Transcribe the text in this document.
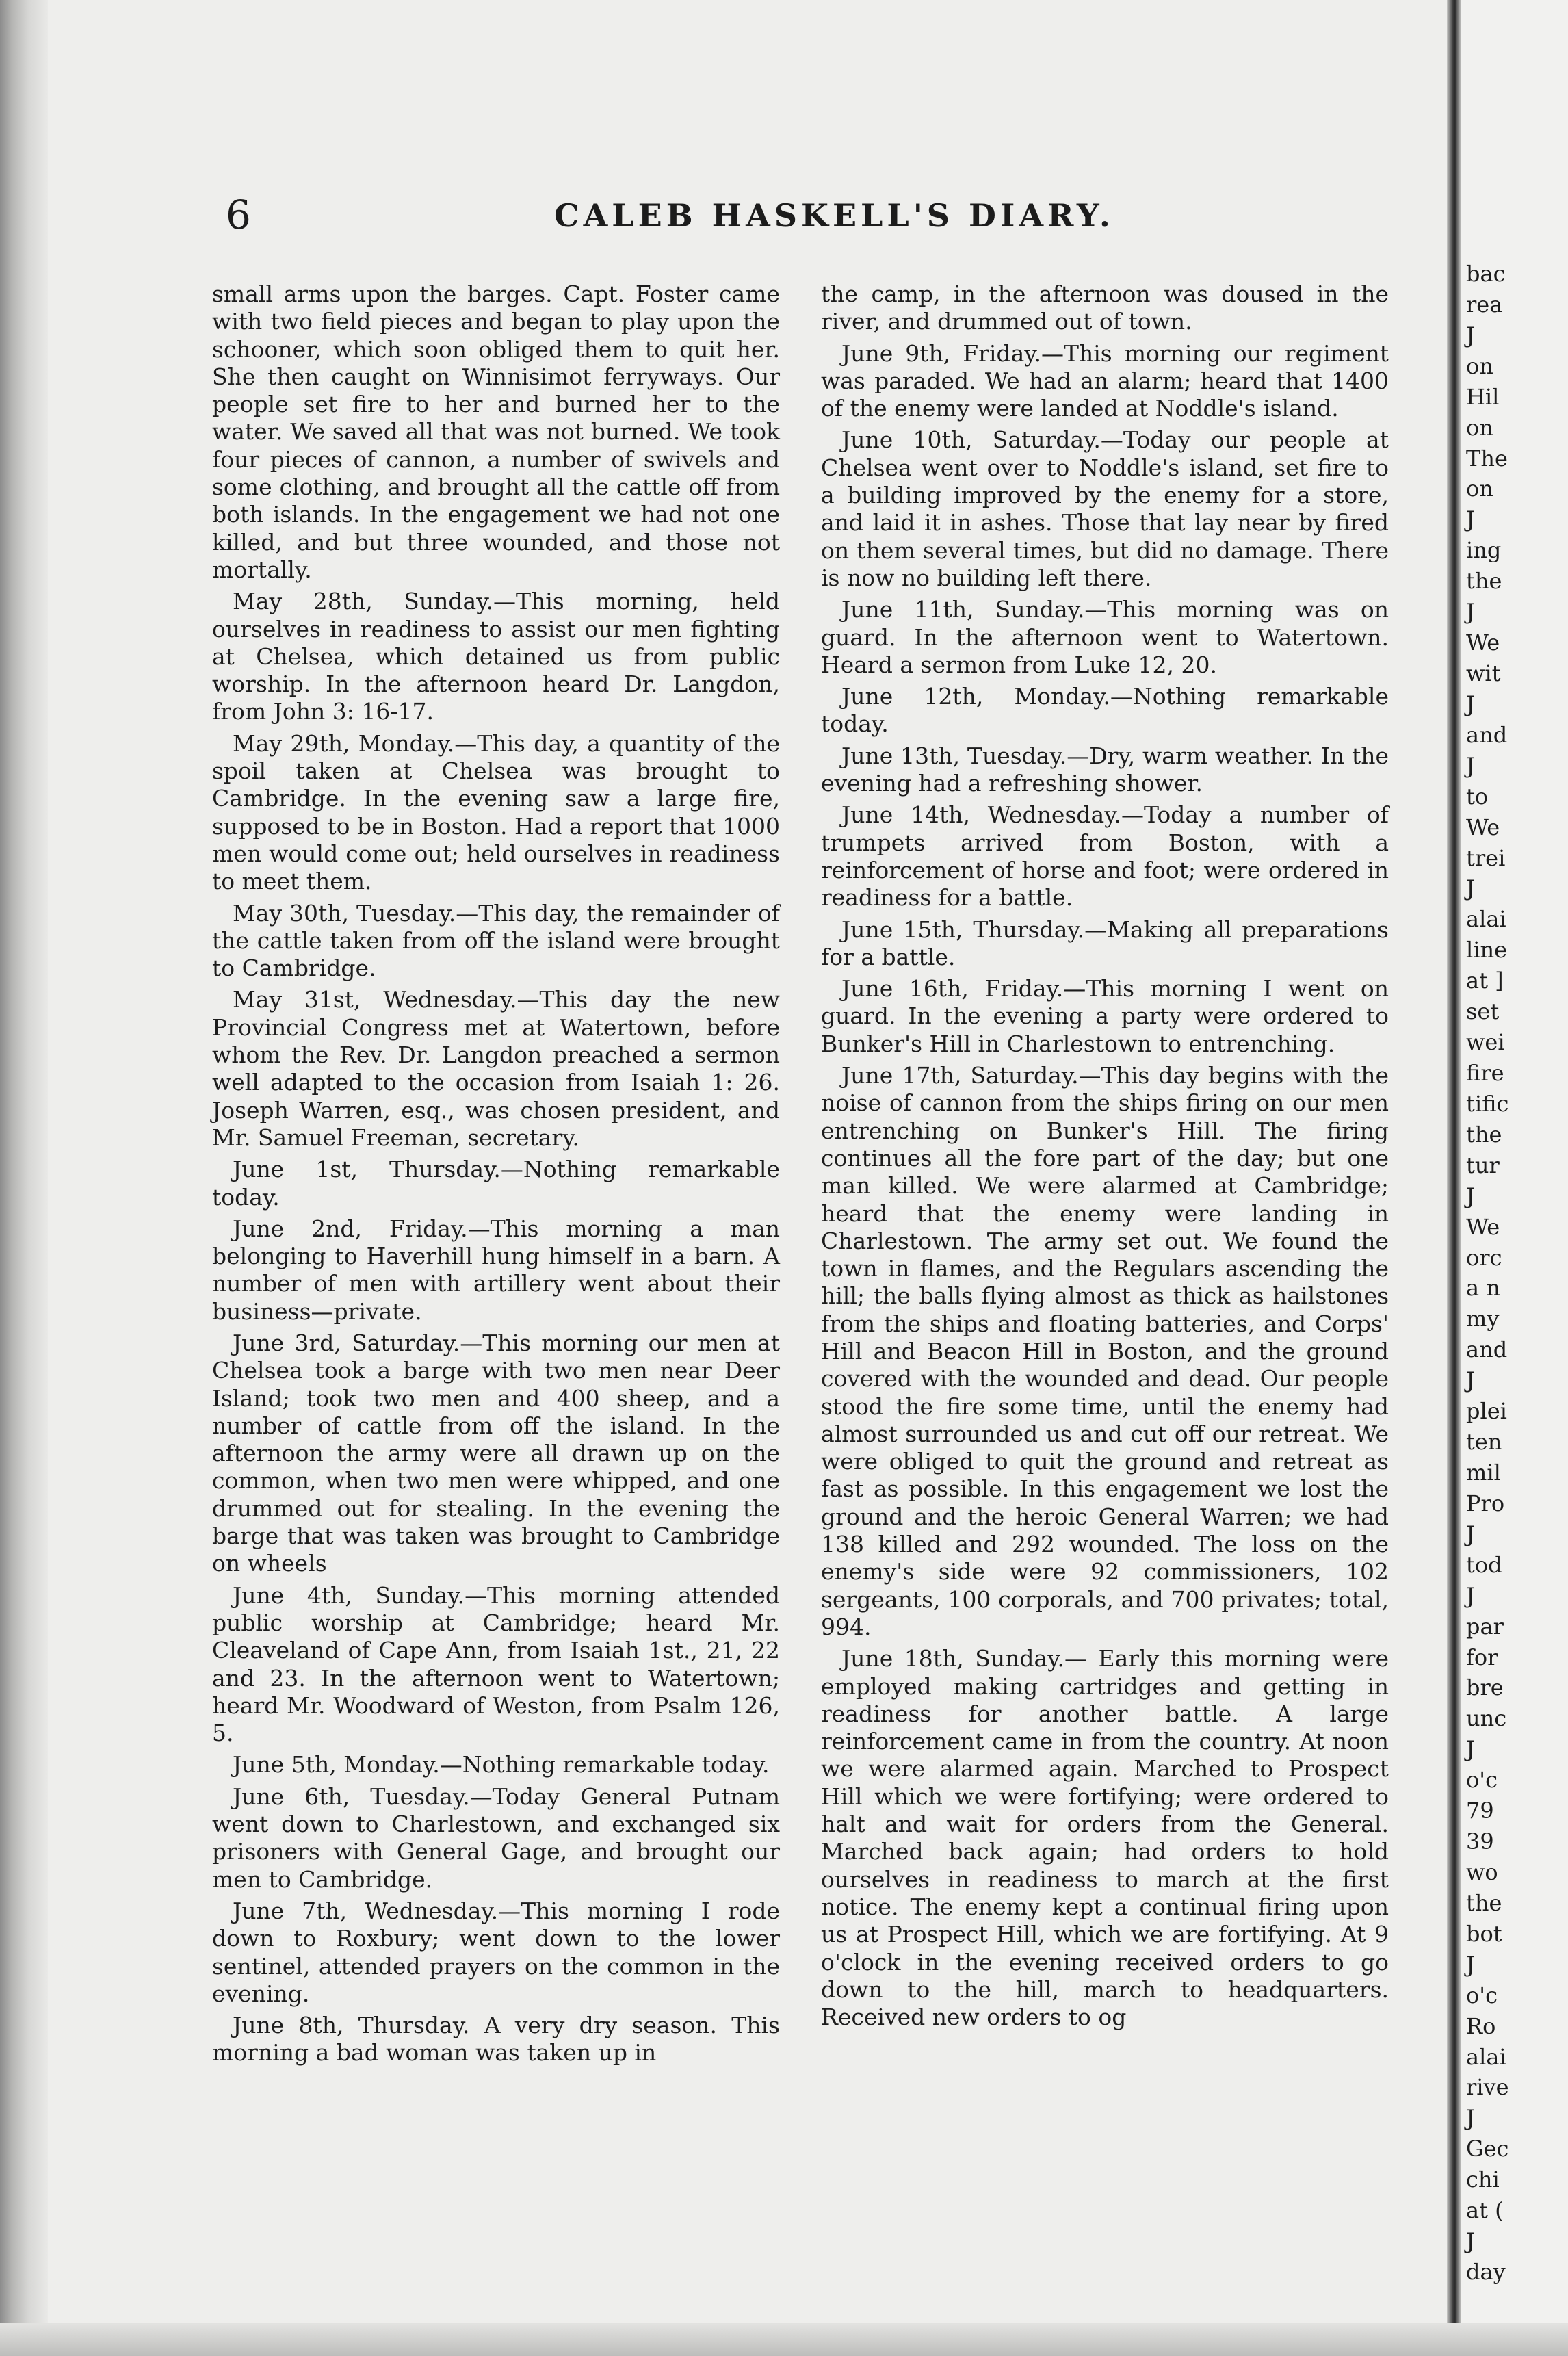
bac
rea
J
on
Hil
on
The
on
J
ing
the
J
We
wit
J
and
J
to
We
trei
J
alai
line
at ]
set
wei
fire
tific
the
tur
J
We
orc
a n
my
and
J
plei
ten
mil
Pro
J
tod
J
par
for
bre
unc
J
o'c
79
39
wo
the
bot
J
o'c
Ro
alai
rive
J
Gec
chi
at (
J
day
6	CALEB HASKELL'S DIARY.

small arms upon the barges. Capt. Foster came with two field pieces and began to play upon the schooner, which soon obliged them to quit her. She then caught on Winnisimot ferryways. Our people set fire to her and burned her to the water. We saved all that was not burned. We took four pieces of cannon, a number of swivels and some clothing, and brought all the cattle off from both islands. In the engagement we had not one killed, and but three wounded, and those not mortally.

May 28th, Sunday.—This morning, held ourselves in readiness to assist our men fighting at Chelsea, which detained us from public worship. In the afternoon heard Dr. Langdon, from John 3: 16-17.

May 29th, Monday.—This day, a quantity of the spoil taken at Chelsea was brought to Cambridge. In the evening saw a large fire, supposed to be in Boston. Had a report that 1000 men would come out; held ourselves in readiness to meet them.

May 30th, Tuesday.—This day, the remainder of the cattle taken from off the island were brought to Cambridge.

May 31st, Wednesday.—This day the new Provincial Congress met at Watertown, before whom the Rev. Dr. Langdon preached a sermon well adapted to the occasion from Isaiah 1: 26. Joseph Warren, esq., was chosen president, and Mr. Samuel Freeman, secretary.

June 1st, Thursday.—Nothing remarkable today.

June 2nd, Friday.—This morning a man belonging to Haverhill hung himself in a barn. A number of men with artillery went about their business—private.

June 3rd, Saturday.—This morning our men at Chelsea took a barge with two men near Deer Island; took two men and 400 sheep, and a number of cattle from off the island. In the afternoon the army were all drawn up on the common, when two men were whipped, and one drummed out for stealing. In the evening the barge that was taken was brought to Cambridge on wheels

June 4th, Sunday.—This morning attended public worship at Cambridge; heard Mr. Cleaveland of Cape Ann, from Isaiah 1st., 21, 22 and 23. In the afternoon went to Watertown; heard Mr. Woodward of Weston, from Psalm 126, 5.

June 5th, Monday.—Nothing remarkable today.

June 6th, Tuesday.—Today General Putnam went down to Charlestown, and exchanged six prisoners with General Gage, and brought our men to Cambridge.

June 7th, Wednesday.—This morning I rode down to Roxbury; went down to the lower sentinel, attended prayers on the common in the evening.

June 8th, Thursday. A very dry season. This morning a bad woman was taken up in

the camp, in the afternoon was doused in the river, and drummed out of town.

June 9th, Friday.—This morning our regiment was paraded. We had an alarm; heard that 1400 of the enemy were landed at Noddle's island.

June 10th, Saturday.—Today our people at Chelsea went over to Noddle's island, set fire to a building improved by the enemy for a store, and laid it in ashes. Those that lay near by fired on them several times, but did no damage. There is now no building left there.

June 11th, Sunday.—This morning was on guard. In the afternoon went to Watertown. Heard a sermon from Luke 12, 20.

June 12th, Monday.—Nothing remarkable today.

June 13th, Tuesday.—Dry, warm weather. In the evening had a refreshing shower.

June 14th, Wednesday.—Today a number of trumpets arrived from Boston, with a reinforcement of horse and foot; were ordered in readiness for a battle.

June 15th, Thursday.—Making all preparations for a battle.

June 16th, Friday.—This morning I went on guard. In the evening a party were ordered to Bunker's Hill in Charlestown to entrenching.

June 17th, Saturday.—This day begins with the noise of cannon from the ships firing on our men entrenching on Bunker's Hill. The firing continues all the fore part of the day; but one man killed. We were alarmed at Cambridge; heard that the enemy were landing in Charlestown. The army set out. We found the town in flames, and the Regulars ascending the hill; the balls flying almost as thick as hailstones from the ships and floating batteries, and Corps' Hill and Beacon Hill in Boston, and the ground covered with the wounded and dead. Our people stood the fire some time, until the enemy had almost surrounded us and cut off our retreat. We were obliged to quit the ground and retreat as fast as possible. In this engagement we lost the ground and the heroic General Warren; we had 138 killed and 292 wounded. The loss on the enemy's side were 92 commissioners, 102 sergeants, 100 corporals, and 700 privates; total, 994.

June 18th, Sunday.— Early this morning were employed making cartridges and getting in readiness for another battle. A large reinforcement came in from the country. At noon we were alarmed again. Marched to Prospect Hill which we were fortifying; were ordered to halt and wait for orders from the General. Marched back again; had orders to hold ourselves in readiness to march at the first notice. The enemy kept a continual firing upon us at Prospect Hill, which we are fortifying. At 9 o'clock in the evening received orders to go down to the hill, march to headquarters. Received new orders to og
